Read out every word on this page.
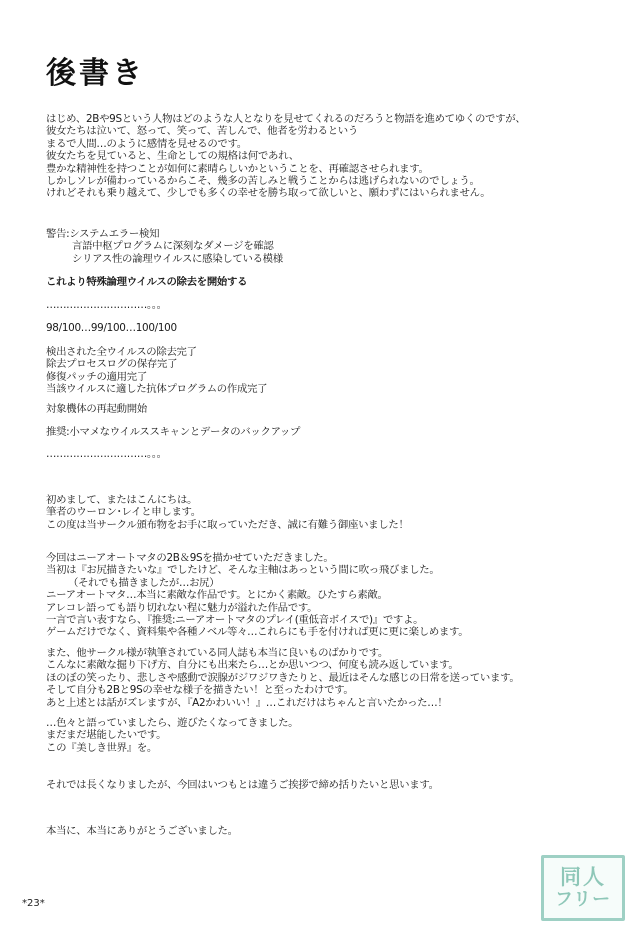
後書き
はじめ、2Bや9Sという人物はどのような人となりを見せてくれるのだろうと物語を進めてゆくのですが、
彼女たちは泣いて、怒って、笑って、苦しんで、他者を労わるという
まるで人間…のように感情を見せるのです。
彼女たちを見ていると、生命としての規格は何であれ、
豊かな精神性を持つことが如何に素晴らしいかということを、再確認させられます。
しかしソレが備わっているからこそ、幾多の苦しみと戦うことからは逃げられないのでしょう。
けれどそれも乗り越えて、少しでも多くの幸せを勝ち取って欲しいと、願わずにはいられません。
警告:システムエラー検知
言語中枢プログラムに深刻なダメージを確認
シリアス性の論理ウイルスに感染している模様
これより特殊論理ウイルスの除去を開始する
…………………………。。。
98/100…99/100…100/100
検出された全ウイルスの除去完了
除去プロセスログの保存完了
修復パッチの適用完了
当該ウイルスに適した抗体プログラムの作成完了
対象機体の再起動開始
推奨:小マメなウイルススキャンとデータのバックアップ
…………………………。。。
初めまして、またはこんにちは。
筆者のウーロン･レイと申します。
この度は当サークル頒布物をお手に取っていただき、誠に有難う御座いました！
今回はニーアオートマタの2B＆9Sを描かせていただきました。
当初は『お尻描きたいな』でしたけど、そんな主軸はあっという間に吹っ飛びました。
（それでも描きましたが…お尻）
ニーアオートマタ…本当に素敵な作品です。とにかく素敵。ひたすら素敵。
アレコレ語っても語り切れない程に魅力が溢れた作品です。
一言で言い表すなら、『推奨:ニーアオートマタのプレイ(重低音ボイスで)』ですよ。
ゲームだけでなく、資料集や各種ノベル等々…これらにも手を付ければ更に更に楽しめます。
また、他サークル様が執筆されている同人誌も本当に良いものばかりです。
こんなに素敵な掘り下げ方、自分にも出来たら…とか思いつつ、何度も読み返しています。
ほのぼの笑ったり、悲しさや感動で涙腺がジワジワきたりと、最近はそんな感じの日常を送っています。
そして自分も2Bと9Sの幸せな様子を描きたい！と至ったわけです。
あと上述とは話がズレますが、『A2かわいい！』…これだけはちゃんと言いたかった…！
…色々と語っていましたら、遊びたくなってきました。
まだまだ堪能したいです。
この『美しき世界』を。
それでは長くなりましたが、今回はいつもとは違うご挨拶で締め括りたいと思います。
本当に、本当にありがとうございました。
*23*
同人
フリー
